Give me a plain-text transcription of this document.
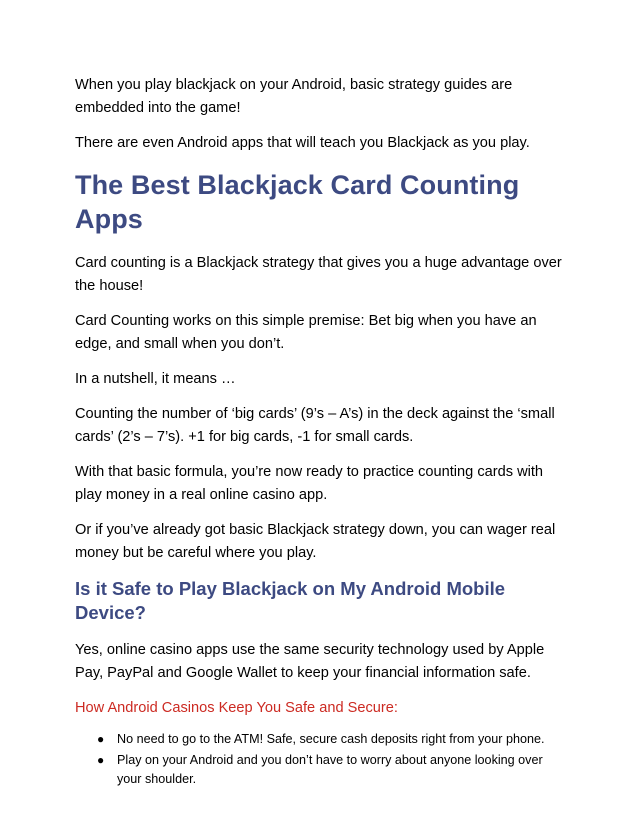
When you play blackjack on your Android, basic strategy guides are embedded into the game!

There are even Android apps that will teach you Blackjack as you play.

The Best Blackjack Card Counting Apps

Card counting is a Blackjack strategy that gives you a huge advantage over the house!

Card Counting works on this simple premise: Bet big when you have an edge, and small when you don’t.

In a nutshell, it means …

Counting the number of ‘big cards’ (9’s – A’s) in the deck against the ‘small cards’ (2’s – 7’s). +1 for big cards, -1 for small cards.

With that basic formula, you’re now ready to practice counting cards with play money in a real online casino app.

Or if you’ve already got basic Blackjack strategy down, you can wager real money but be careful where you play.

Is it Safe to Play Blackjack on My Android Mobile Device?

Yes, online casino apps use the same security technology used by Apple Pay, PayPal and Google Wallet to keep your financial information safe.

How Android Casinos Keep You Safe and Secure:
● No need to go to the ATM! Safe, secure cash deposits right from your phone.
● Play on your Android and you don’t have to worry about anyone looking over your shoulder.
